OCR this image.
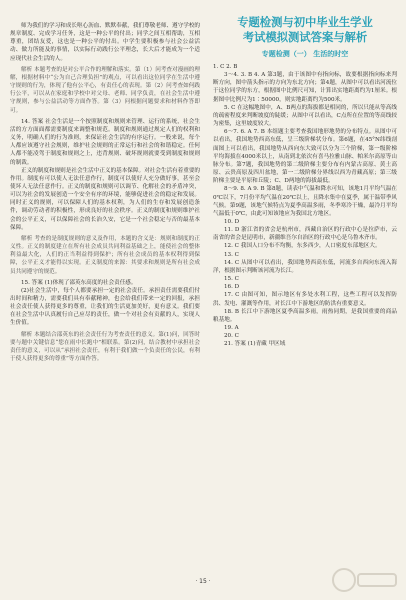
师为我们的学习和成长呕心沥血、默默奉献，我们尊敬老师、遵守学校的规章制度、完成学习任务，这是一种公平的付出；同学之间互相帮助，互相尊重，团结友爱，这也是一种公平的付出。中学生要积极参与社会公益活动、做力所能及的事情，以实际行动践行公平理念，长大后才能成为一个适应现代社会生活的人。

解析 本题考查的是对公平合作的理解和落实。第（1）问考查对漫画的理解，根据材料中“公为自己合理负担”的观点，可以看出这位同学在生活中遵守规则的行为，体现了他有公平心，有责任心的表现。第（2）问考查如何践行公平，可以从在家庭和学校中对父母、老师、同学负责，在社会生活中遵守规则，参与公益活动等方面作答。第（3）问根据问题要求和材料作答即可。

14. 答案 社会生活是一个按照制度和规则来管理、运行的系统，社会生活的方方面面都需要制度来调整和规范。制度和规则通过规定人们的权利和义务，明确人们的行为准则，来保证社会生活的有序运行。一般来说，每个人都应该遵守社会规则，维护社会规则的正常运行和社会的和谐稳定。任何人都不能凌驾于制度和规则之上，违背规则、破坏规则就要受到制度和规则的制裁。

正义的制度和规则是社会生活中正义的基本保障。对社会生活有着重要的作用。制度有可以使人无法任意作行，制度可以使好人充分做好事，甚至会使坏人无法任意作行。正义的制度和规则可以调节、化解社会的矛盾冲突，可以为社会的发展创造一个安全有序的环境，能够促进社会的稳定和发展。同时正义的规则，可以保障人们的基本权利，为人们的生存和发展创造条件，调动劳动者的积极性，形成良好的社会秩序。正义的制度和规则维护社会的公平正义，可以保障社会的长治久安，它是一个社会稳定与否的最基本保障。

解析 考查的是制度规则的意义及作用，本题的含义是：规则和制度的正义性。正义的制度建立在所有社会成员共同利益基础之上，能使社会的整体利益最大化，人们的正当利益得到保护；所有社会成员的基本权利得到保障，公平正义才能得以实现。正义制度的来源：其要求和规则是所有社会成员共同遵守的规范。

15. 答案 (1)体现了邵英东高度的社会责任感。

(2)社会生活中，每个人都要承担一定的社会责任。承担责任需要我们付出时间和精力，需要我们具有奉献精神，也会给我们带来一定的回报，承担社会责任使人获得更多的尊重，让我们的生活更加美好，更有意义。我们要在社会生活中认真履行自己应尽的责任，做一个对社会有贡献的人，实现人生价值。

解析 本题结合邵英东的社会责任行为考查责任的意义。第(1)问，回答时要与题中关键信息“您在雨中长跑中”相联系。第(2)问，结合教材中承担社会责任的意义，可以从“承担社会责任，有利于我们做一个负责任的公民，有利于使人获得更多的尊重”等方面作答。

专题检测与初中毕业生学业
考试模拟测试答案与解析
专题检测（一） 生活的时空

1. C 2. B

3～4. 3. B 4. A 第3题，由于该图中有指向标，故要根据指向标来判断方向，图中箭头指示的方向为东北方向；第4题，从图中可以看出河流位于这位同学的东方，根据图中比例尺可知，计算出实地距离约为1厘米。根据图中比例尺为1∶50000，则实地距离约为500米。

5. C 在这幅地图中，A、B两点的海拔都是相同的，所以只能从等高线的疏密程度来判断坡度的陡缓；从图中可以看出，C点所在位置的等高线较为密集，这里坡度较大。

6～7. 6. A 7. B 本组题主要考查我国地形地势的分布特点。从图中可以看出，我国地势西高东低，呈三级阶梯状分布。第6题，在45°N纬线剖面图上可以看出，我国地势从西向东大致可以分为三个阶梯，第一级阶梯平均海拔在4000米以上，从南到北依次有喜马拉雅山脉、帕米尔高原等山脉分布。第7题，我国地势的第二级阶梯主要分布有内蒙古高原、黄土高原、云贵高原及四川盆地，第一二级阶梯分界线以西为青藏高原；第三级阶梯主要是平原和丘陵；C、D两地的海拔最低。

8～9. 8. A 9. B 第8题，读表中气温和降水可知，该地1月平均气温在0℃以下，7月份平均气温在20℃以上，且降水集中在夏季，属于温带季风气候。第9题，该地气候特点为夏季高温多雨，冬季寒冷干燥，最冷月平均气温低于0℃，由此可知该地应为我国北方地区。

10. D

11. D 浙江省的省会是杭州市，西藏自治区的行政中心是拉萨市，云南省的省会是昆明市，新疆维吾尔自治区的行政中心是乌鲁木齐市。

12. C 我国人口分布不均衡，东多西少，人口密度东部地区大。

13. C

14. C 从图中可以看出，我国地势西高东低，河流多自西向东流入海洋，根据图示判断该河流为长江。

15. C

16. D

17. C 由图可知，图示地区有多处水利工程，这些工程可以发挥防洪、发电、灌溉等作用，对长江中下游地区的防洪有重要意义。

18. B 长江中下游地区夏季高温多雨，雨热同期，是我国重要的商品粮基地。

19. A

20. C

21. 答案 (1)青藏 甲区域

· 15 ·
